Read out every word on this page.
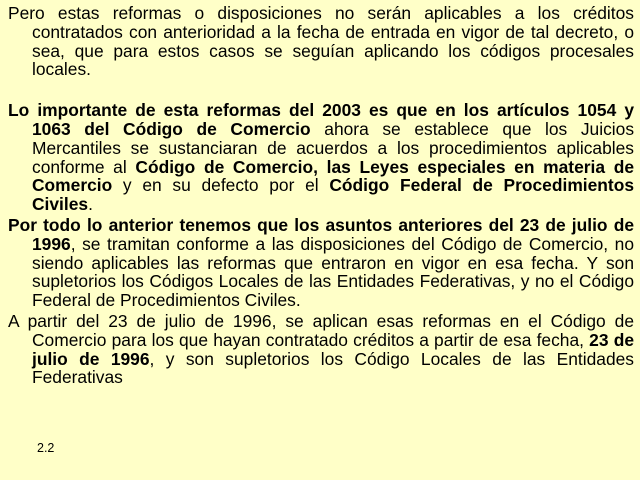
Pero estas reformas o disposiciones no serán aplicables a los créditos contratados con anterioridad a la fecha de entrada en vigor de tal decreto, o sea, que para estos casos se seguían aplicando los códigos procesales locales.

Lo importante de esta reformas del 2003 es que en los artículos 1054 y 1063 del Código de Comercio ahora se establece que los Juicios Mercantiles se sustanciaran de acuerdos a los procedimientos aplicables conforme al Código de Comercio, las Leyes especiales en materia de Comercio y en su defecto por el Código Federal de Procedimientos Civiles.

Por todo lo anterior tenemos que los asuntos anteriores del 23 de julio de 1996, se tramitan conforme a las disposiciones del Código de Comercio, no siendo aplicables las reformas que entraron en vigor en esa fecha. Y son supletorios los Códigos Locales de las Entidades Federativas, y no el Código Federal de Procedimientos Civiles.

A partir del 23 de julio de 1996, se aplican esas reformas en el Código de Comercio para los que hayan contratado créditos a partir de esa fecha, 23 de julio de 1996, y son supletorios los Código Locales de las Entidades Federativas

2.2
